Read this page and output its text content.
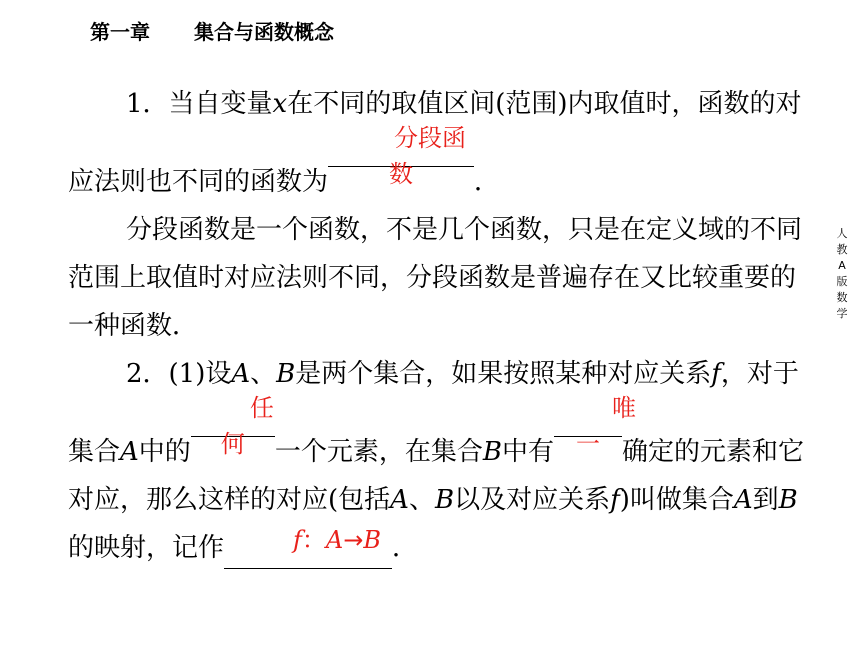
第一章 集合与函数概念
人
教
A
版
数
学

1．当自变量x在不同的取值区间(范围)内取值时，函数的对应法则也不同的函数为分段函数 ．

分段函数是一个函数，不是几个函数，只是在定义域的不同范围上取值时对应法则不同，分段函数是普遍存在又比较重要的一种函数．

2．(1)设A、B是两个集合，如果按照某种对应关系f，对于集合A中的任何 一个元素，在集合B中有唯一 确定的元素和它对应，那么这样的对应(包括A、B以及对应关系f)叫做集合A到B的映射，记作	f：A→B ．
